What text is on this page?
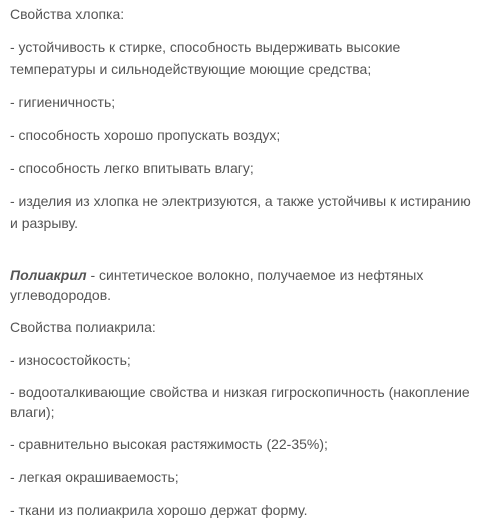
Свойства хлопка:

- устойчивость к стирке, способность выдерживать высокие температуры и сильнодействующие моющие средства;

- гигиеничность;

- способность хорошо пропускать воздух;

- способность легко впитывать влагу;

- изделия из хлопка не электризуются, а также устойчивы к истиранию и разрыву.

Полиакрил - синтетическое волокно, получаемое из нефтяных углеводородов.

Свойства полиакрила:

- износостойкость;

- водооталкивающие свойства и низкая гигроскопичность (накопление влаги);

- сравнительно высокая растяжимость (22-35%);

- легкая окрашиваемость;

- ткани из полиакрила хорошо держат форму.
